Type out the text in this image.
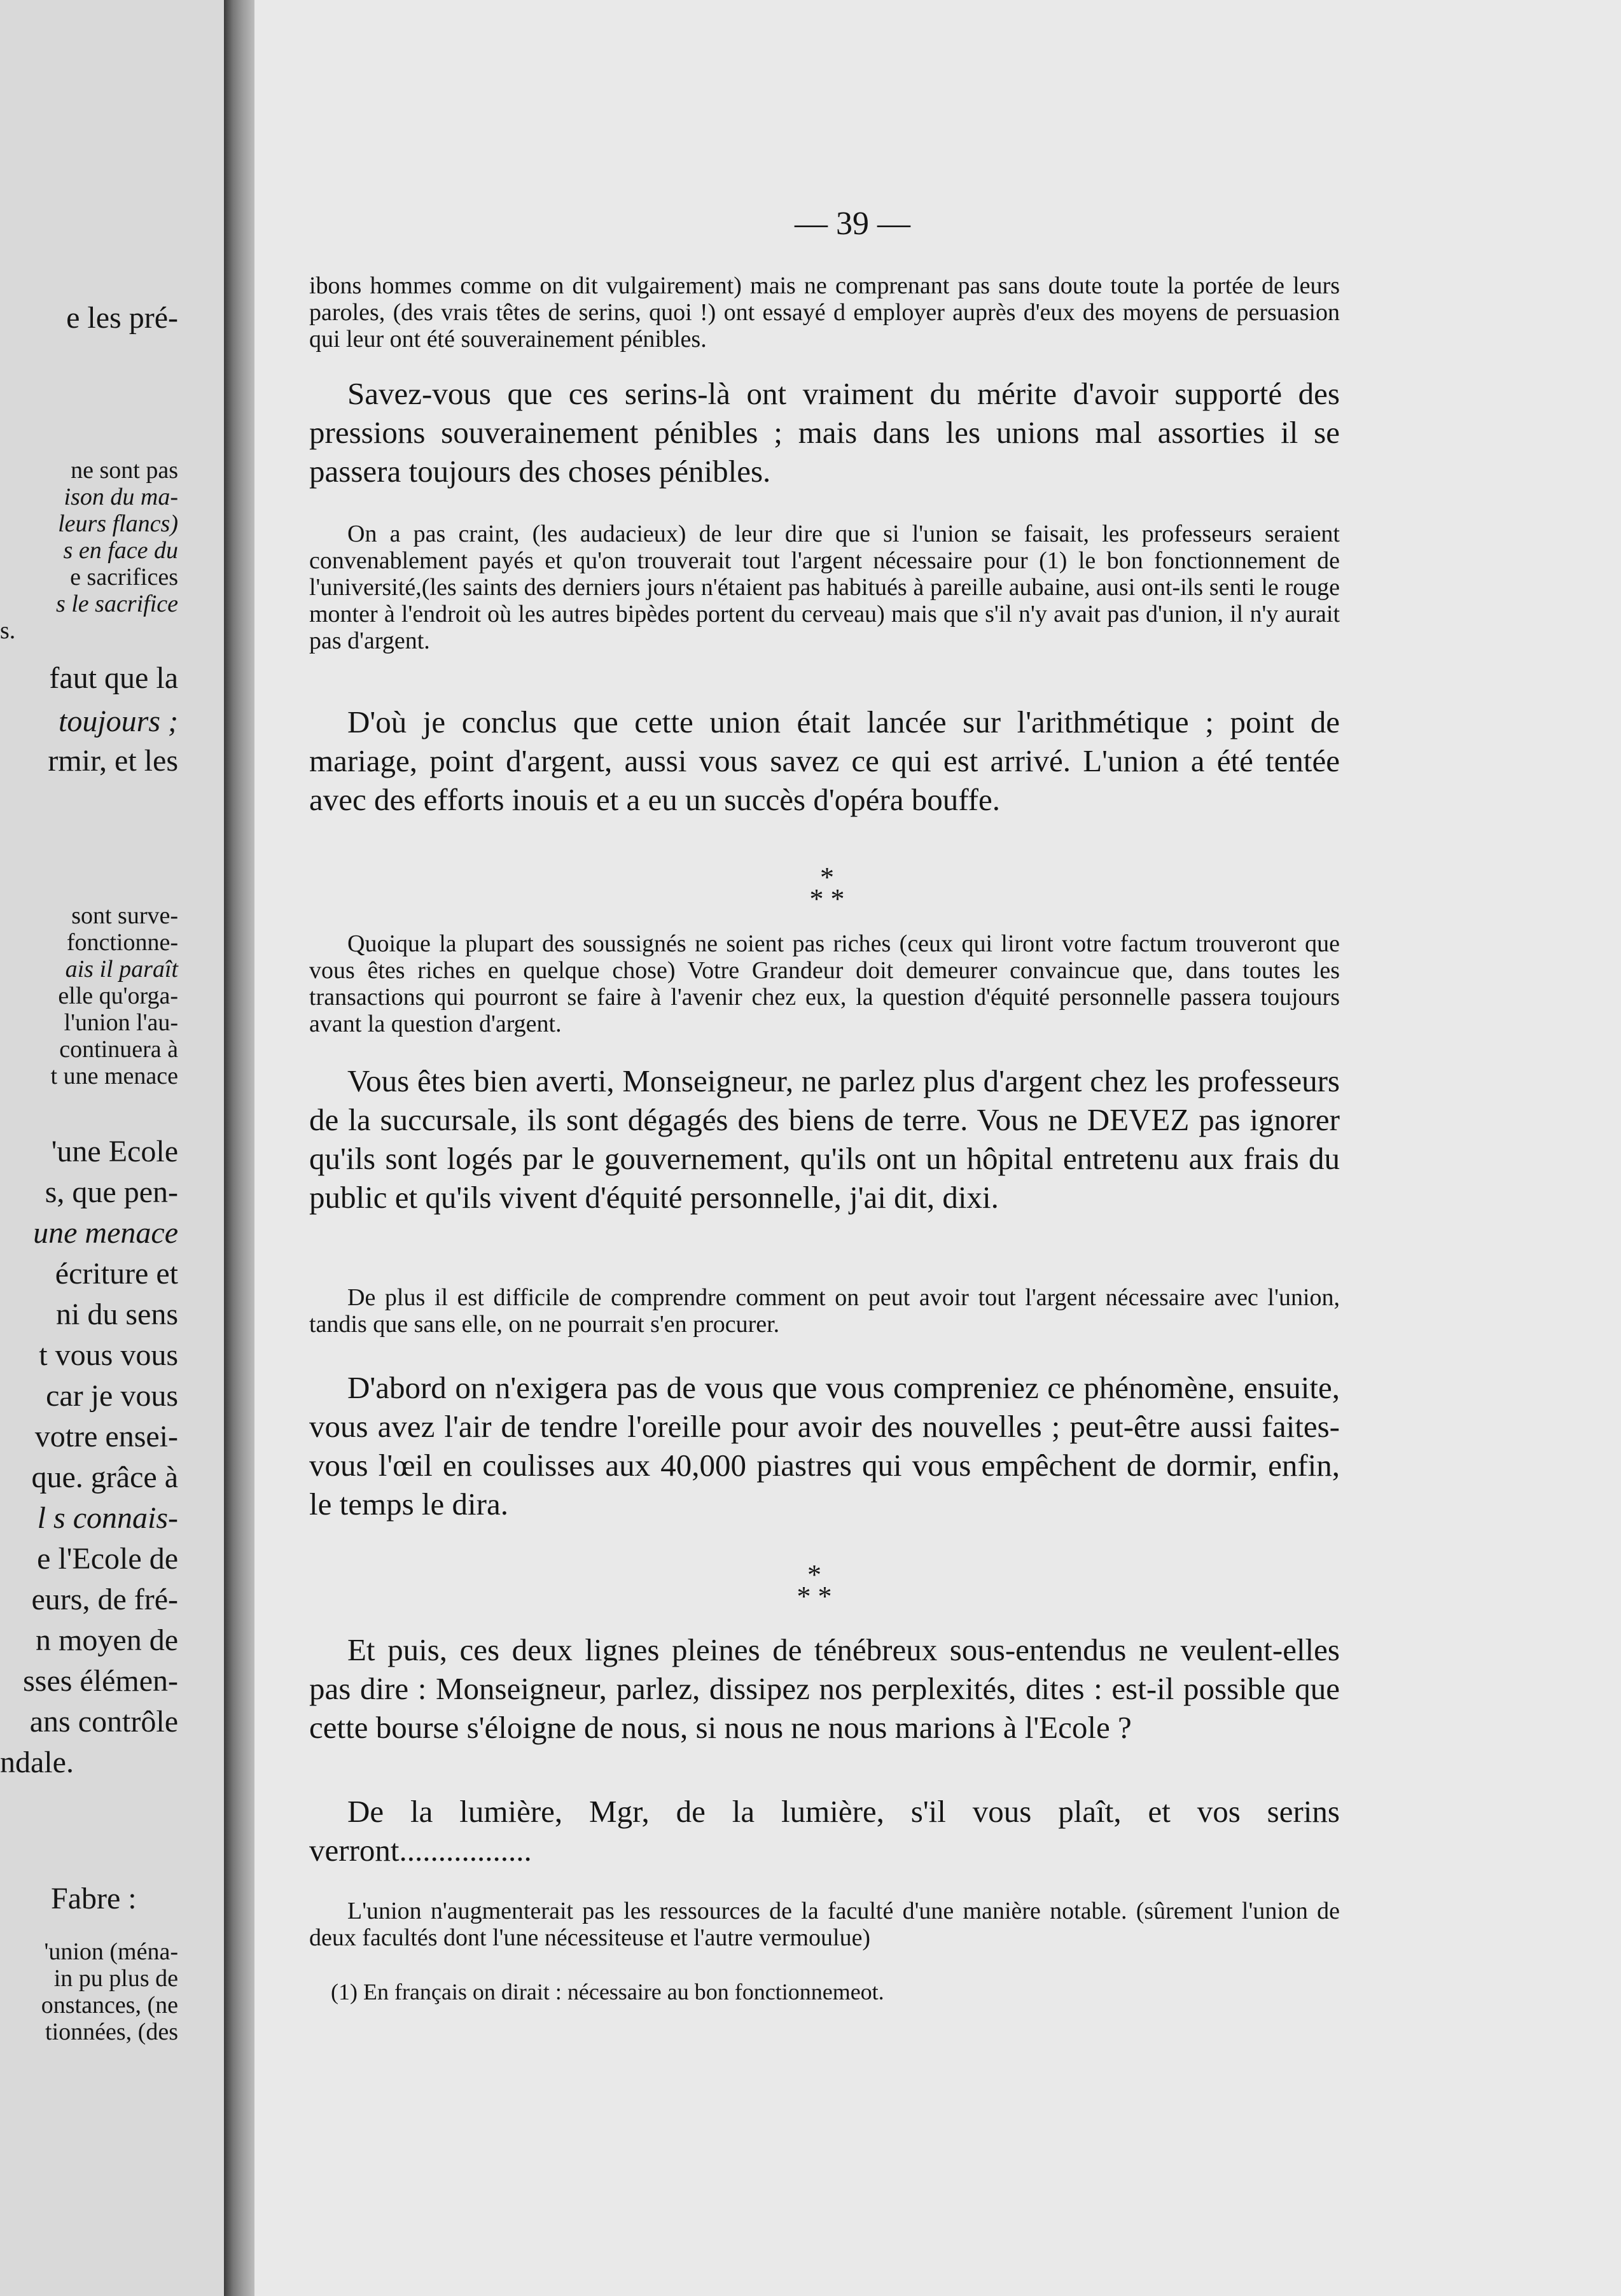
e les pré-
ne sont pas
ison du ma-
leurs flancs)
s en face du
e sacrifices
s le sacrifice
s.
faut que la
toujours ;
rmir, et les
sont surve-
fonctionne-
ais il paraît
elle qu'orga-
l'union l'au-
continuera à
t une menace
'une Ecole
s, que pen-
une menace
écriture et
ni du sens
t vous vous
car je vous
votre ensei-
que. grâce à
l s connais-
e l'Ecole de
eurs, de fré-
n moyen de
sses élémen-
ans contrôle
ndale.
Fabre :
'union (ména-
in pu plus de
onstances, (ne
tionnées, (des
— 39 —

ibons hommes comme on dit vulgairement) mais ne comprenant pas sans doute toute la portée de leurs paroles, (des vrais têtes de serins, quoi !) ont essayé d employer auprès d'eux des moyens de persuasion qui leur ont été souverainement pénibles.

Savez-vous que ces serins-là ont vraiment du mérite d'avoir supporté des pressions souverainement pénibles ; mais dans les unions mal assorties il se passera toujours des choses pénibles.

On a pas craint, (les audacieux) de leur dire que si l'union se faisait, les professeurs seraient convenablement payés et qu'on trouverait tout l'argent nécessaire pour (1) le bon fonctionnement de l'université,(les saints des derniers jours n'étaient pas habitués à pareille aubaine, ausi ont-ils senti le rouge monter à l'endroit où les autres bipèdes portent du cerveau) mais que s'il n'y avait pas d'union, il n'y aurait pas d'argent.

D'où je conclus que cette union était lancée sur l'arithmétique ; point de mariage, point d'argent, aussi vous savez ce qui est arrivé. L'union a été tentée avec des efforts inouis et a eu un succès d'opéra bouffe.

*
* *

Quoique la plupart des soussignés ne soient pas riches (ceux qui liront votre factum trouveront que vous êtes riches en quelque chose) Votre Grandeur doit demeurer convaincue que, dans toutes les transactions qui pourront se faire à l'avenir chez eux, la question d'équité personnelle passera toujours avant la question d'argent.

Vous êtes bien averti, Monseigneur, ne parlez plus d'argent chez les professeurs de la succursale, ils sont dégagés des biens de terre. Vous ne DEVEZ pas ignorer qu'ils sont logés par le gouvernement, qu'ils ont un hôpital entretenu aux frais du public et qu'ils vivent d'équité personnelle, j'ai dit, dixi.

De plus il est difficile de comprendre comment on peut avoir tout l'argent nécessaire avec l'union, tandis que sans elle, on ne pourrait s'en procurer.

D'abord on n'exigera pas de vous que vous compreniez ce phénomène, ensuite, vous avez l'air de tendre l'oreille pour avoir des nouvelles ; peut-être aussi faites-vous l'œil en coulisses aux 40,000 piastres qui vous empêchent de dormir, enfin, le temps le dira.

*
* *

Et puis, ces deux lignes pleines de ténébreux sous-entendus ne veulent-elles pas dire : Monseigneur, parlez, dissipez nos perplexités, dites : est-il possible que cette bourse s'éloigne de nous, si nous ne nous marions à l'Ecole ?

De la lumière, Mgr, de la lumière, s'il vous plaît, et vos serins verront.................

L'union n'augmenterait pas les ressources de la faculté d'une manière notable. (sûrement l'union de deux facultés dont l'une nécessiteuse et l'autre vermoulue)

(1) En français on dirait : nécessaire au bon fonctionnemeot.
